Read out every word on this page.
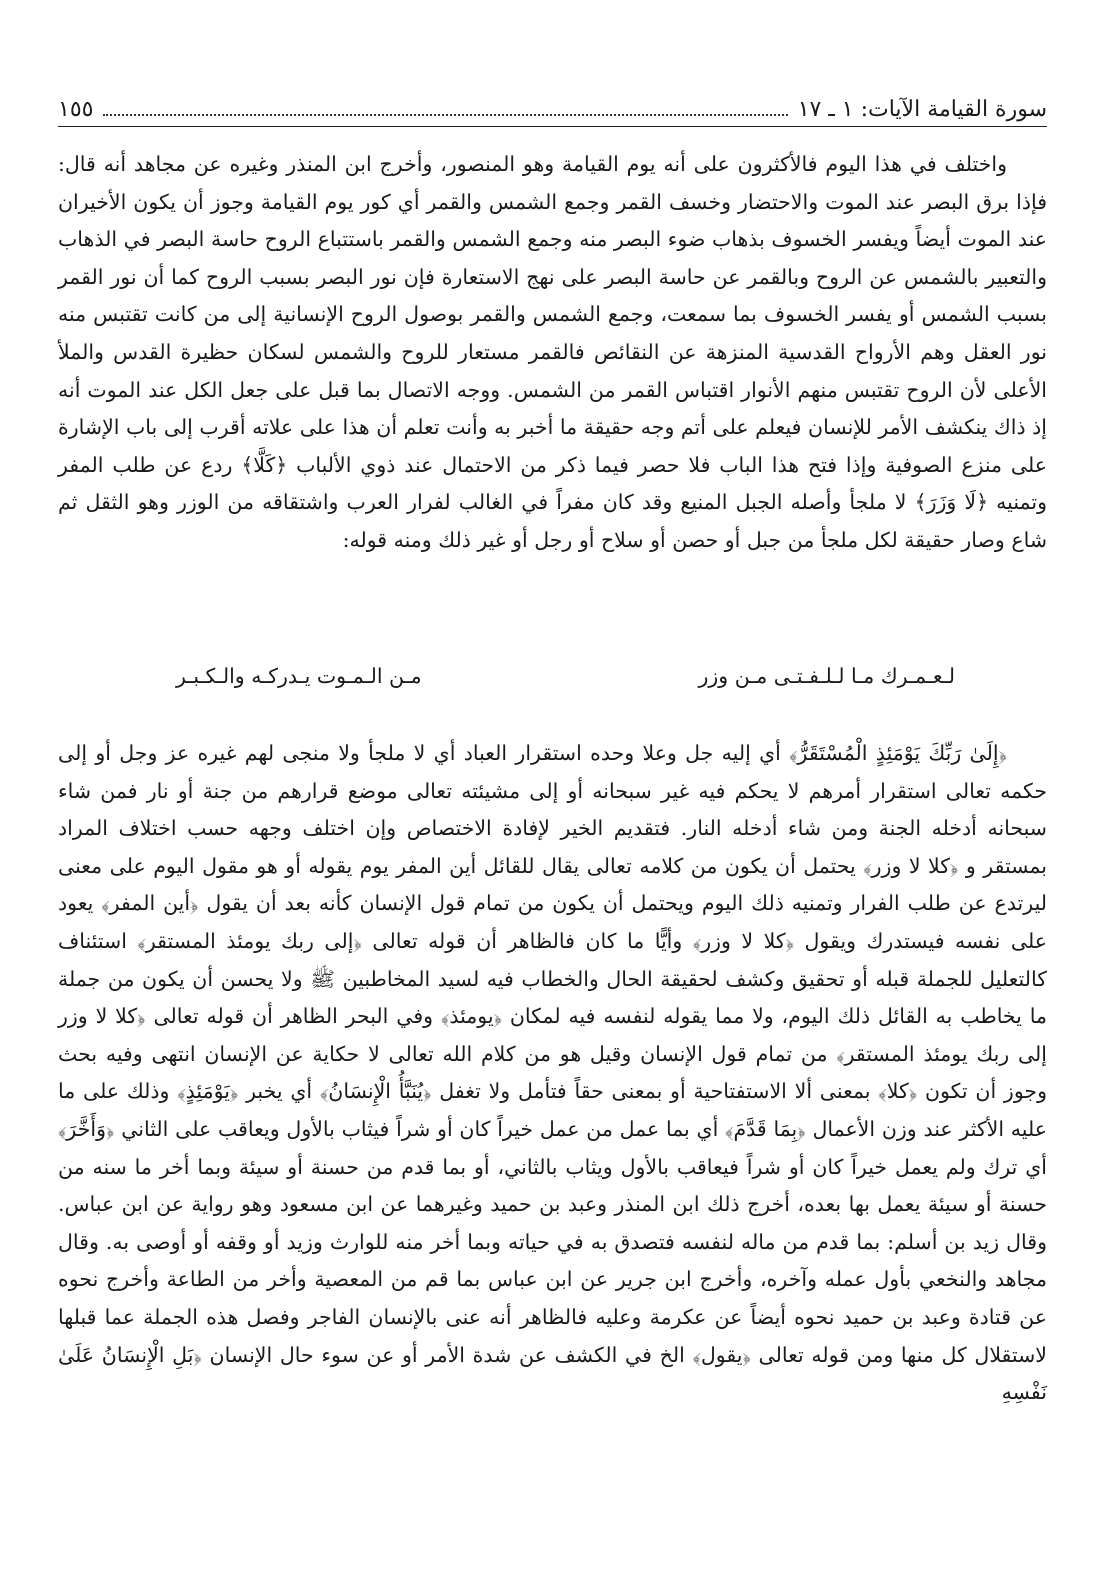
سورة القيامة الآيات: ١ ـ ١٧
١٥٥

واختلف في هذا اليوم فالأكثرون على أنه يوم القيامة وهو المنصور، وأخرج ابن المنذر وغيره عن مجاهد أنه قال: فإذا برق البصر عند الموت والاحتضار وخسف القمر وجمع الشمس والقمر أي كور يوم القيامة وجوز أن يكون الأخيران عند الموت أيضاً ويفسر الخسوف بذهاب ضوء البصر منه وجمع الشمس والقمر باستتباع الروح حاسة البصر في الذهاب والتعبير بالشمس عن الروح وبالقمر عن حاسة البصر على نهج الاستعارة فإن نور البصر بسبب الروح كما أن نور القمر بسبب الشمس أو يفسر الخسوف بما سمعت، وجمع الشمس والقمر بوصول الروح الإنسانية إلى من كانت تقتبس منه نور العقل وهم الأرواح القدسية المنزهة عن النقائص فالقمر مستعار للروح والشمس لسكان حظيرة القدس والملأ الأعلى لأن الروح تقتبس منهم الأنوار اقتباس القمر من الشمس. ووجه الاتصال بما قبل على جعل الكل عند الموت أنه إذ ذاك ينكشف الأمر للإنسان فيعلم على أتم وجه حقيقة ما أخبر به وأنت تعلم أن هذا على علاته أقرب إلى باب الإشارة على منزع الصوفية وإذا فتح هذا الباب فلا حصر فيما ذكر من الاحتمال عند ذوي الألباب ﴿كَلَّا﴾ ردع عن طلب المفر وتمنيه ﴿لَا وَزَرَ﴾ لا ملجأ وأصله الجبل المنيع وقد كان مفراً في الغالب لفرار العرب واشتقاقه من الوزر وهو الثقل ثم شاع وصار حقيقة لكل ملجأ من جبل أو حصن أو سلاح أو رجل أو غير ذلك ومنه قوله:

لـعـمـرك مـا لـلـفـتـى مـن وزر
مـن الـمـوت يـدركـه والـكـبـر

﴿إِلَىٰ رَبِّكَ يَوْمَئِذٍ الْمُسْتَقَرُّ﴾ أي إليه جل وعلا وحده استقرار العباد أي لا ملجأ ولا منجى لهم غيره عز وجل أو إلى حكمه تعالى استقرار أمرهم لا يحكم فيه غير سبحانه أو إلى مشيئته تعالى موضع قرارهم من جنة أو نار فمن شاء سبحانه أدخله الجنة ومن شاء أدخله النار. فتقديم الخير لإفادة الاختصاص وإن اختلف وجهه حسب اختلاف المراد بمستقر و ﴿كلا لا وزر﴾ يحتمل أن يكون من كلامه تعالى يقال للقائل أين المفر يوم يقوله أو هو مقول اليوم على معنى ليرتدع عن طلب الفرار وتمنيه ذلك اليوم ويحتمل أن يكون من تمام قول الإنسان كأنه بعد أن يقول ﴿أين المفر﴾ يعود على نفسه فيستدرك ويقول ﴿كلا لا وزر﴾ وأيًّا ما كان فالظاهر أن قوله تعالى ﴿إلى ربك يومئذ المستقر﴾ استئناف كالتعليل للجملة قبله أو تحقيق وكشف لحقيقة الحال والخطاب فيه لسيد المخاطبين ﷺ ولا يحسن أن يكون من جملة ما يخاطب به القائل ذلك اليوم، ولا مما يقوله لنفسه فيه لمكان ﴿يومئذ﴾ وفي البحر الظاهر أن قوله تعالى ﴿كلا لا وزر إلى ربك يومئذ المستقر﴾ من تمام قول الإنسان وقيل هو من كلام الله تعالى لا حكاية عن الإنسان انتهى وفيه بحث وجوز أن تكون ﴿كلا﴾ بمعنى ألا الاستفتاحية أو بمعنى حقاً فتأمل ولا تغفل ﴿يُنَبَّأُ الْإِنسَانُ﴾ أي يخبر ﴿يَوْمَئِذٍ﴾ وذلك على ما عليه الأكثر عند وزن الأعمال ﴿بِمَا قَدَّمَ﴾ أي بما عمل من عمل خيراً كان أو شراً فيثاب بالأول ويعاقب على الثاني ﴿وَأَخَّرَ﴾ أي ترك ولم يعمل خيراً كان أو شراً فيعاقب بالأول ويثاب بالثاني، أو بما قدم من حسنة أو سيئة وبما أخر ما سنه من حسنة أو سيئة يعمل بها بعده، أخرج ذلك ابن المنذر وعبد بن حميد وغيرهما عن ابن مسعود وهو رواية عن ابن عباس. وقال زيد بن أسلم: بما قدم من ماله لنفسه فتصدق به في حياته وبما أخر منه للوارث وزيد أو وقفه أو أوصى به. وقال مجاهد والنخعي بأول عمله وآخره، وأخرج ابن جرير عن ابن عباس بما قم من المعصية وأخر من الطاعة وأخرج نحوه عن قتادة وعبد بن حميد نحوه أيضاً عن عكرمة وعليه فالظاهر أنه عنى بالإنسان الفاجر وفصل هذه الجملة عما قبلها لاستقلال كل منها ومن قوله تعالى ﴿يقول﴾ الخ في الكشف عن شدة الأمر أو عن سوء حال الإنسان ﴿بَلِ الْإِنسَانُ عَلَىٰ نَفْسِهِ
